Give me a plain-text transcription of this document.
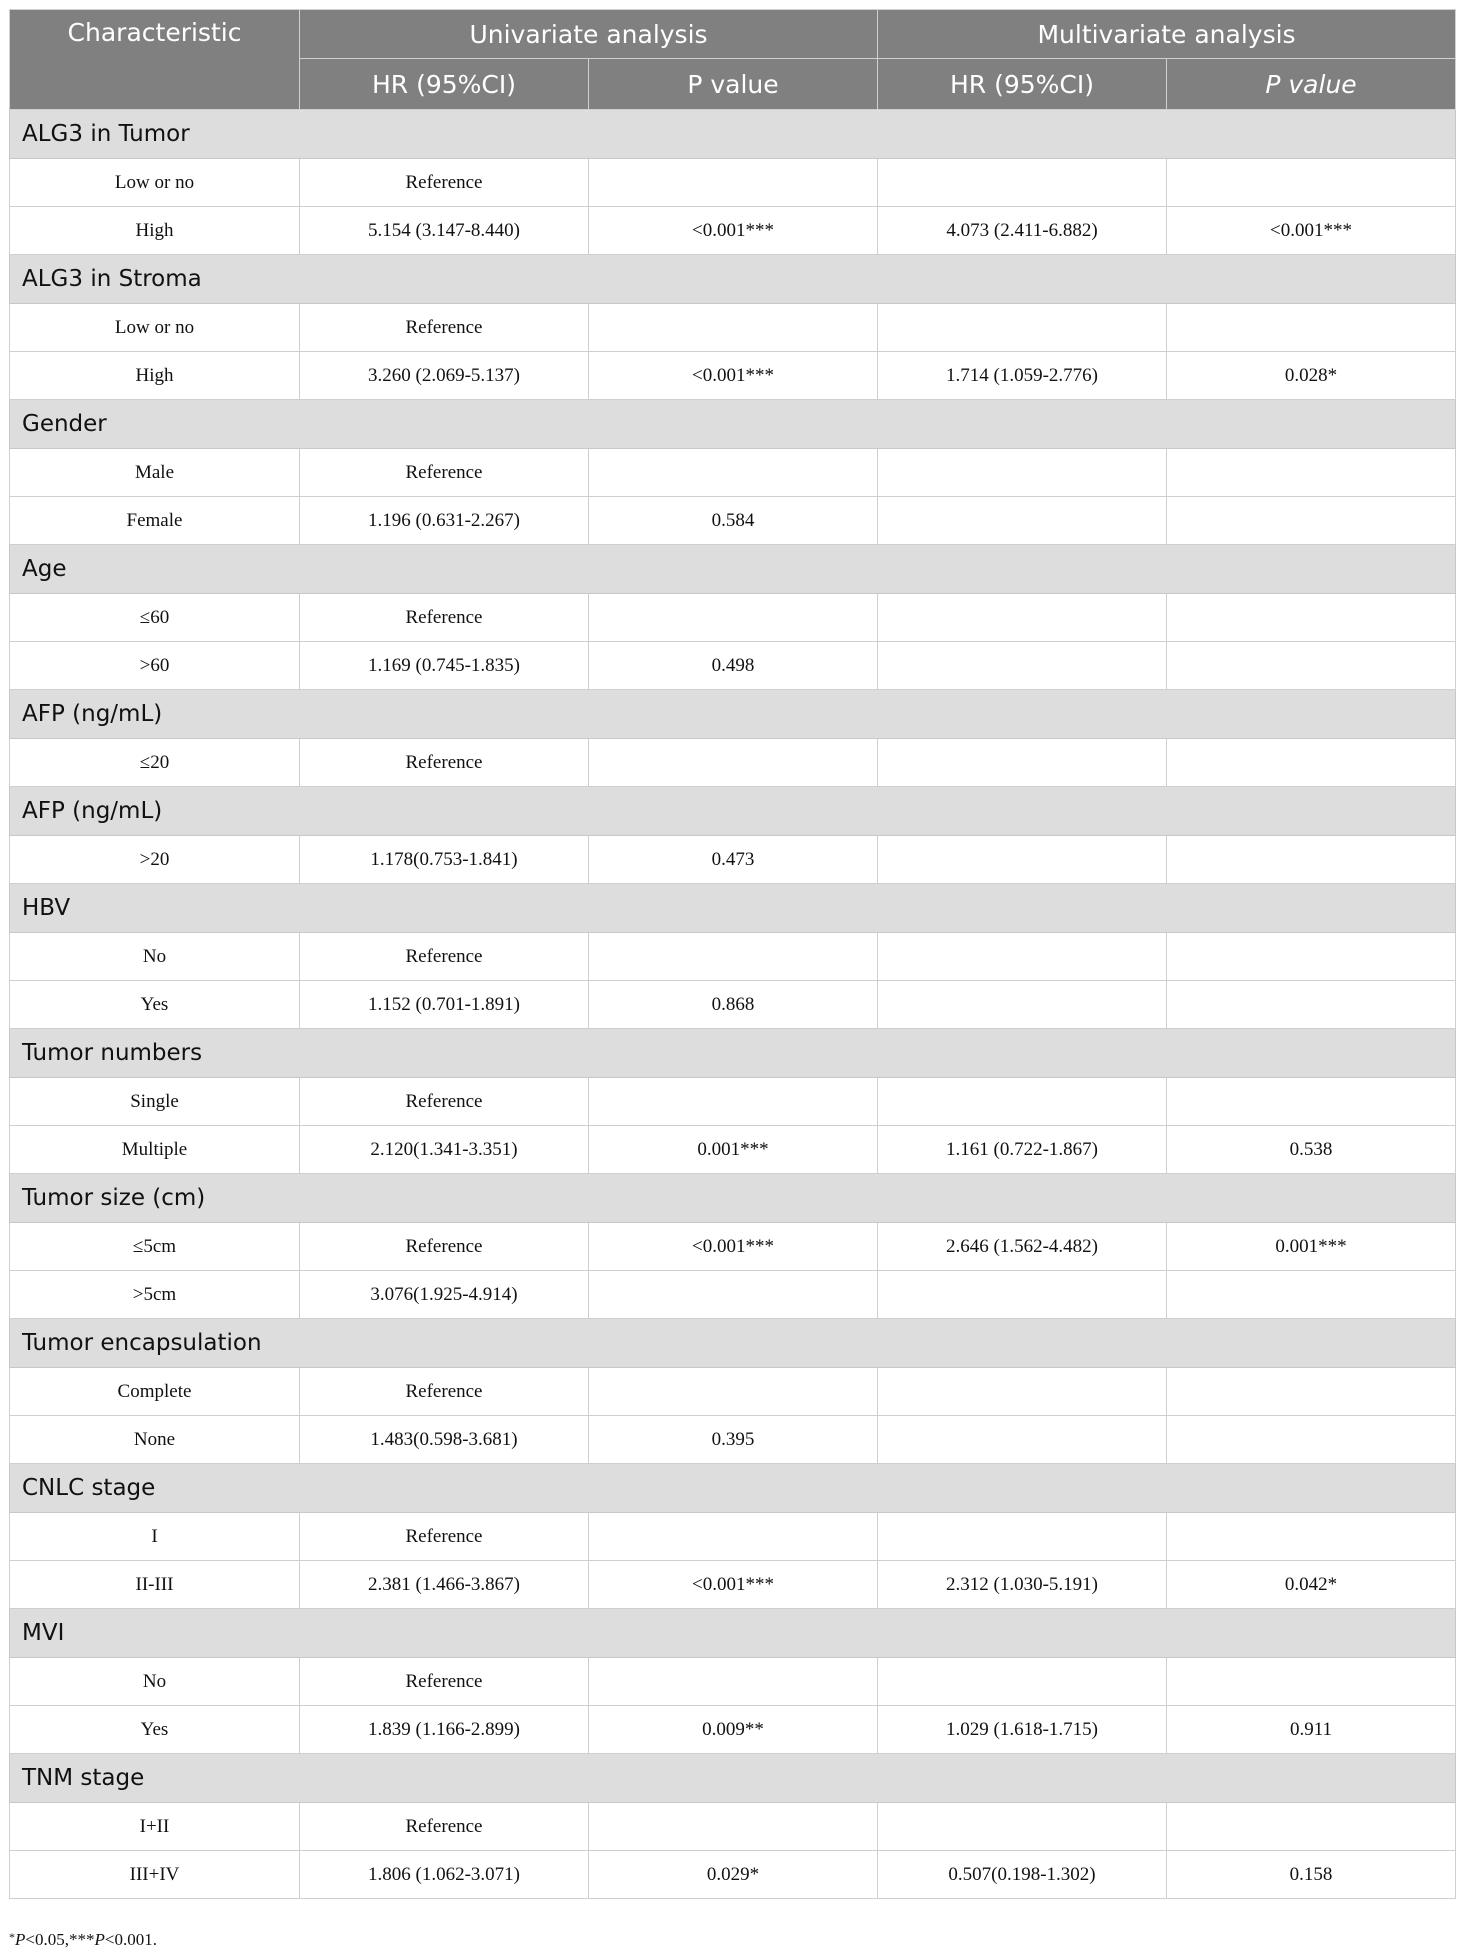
Characteristic	Univariate analysis		Multivariate analysis	
	HR (95%CI)	P value	HR (95%CI)	P value
ALG3 in Tumor				
Low or no	Reference			
High	5.154 (3.147-8.440)	<0.001***	4.073 (2.411-6.882)	<0.001***
ALG3 in Stroma				
Low or no	Reference			
High	3.260 (2.069-5.137)	<0.001***	1.714 (1.059-2.776)	0.028*
Gender				
Male	Reference			
Female	1.196 (0.631-2.267)	0.584		
Age				
≤60	Reference			
>60	1.169 (0.745-1.835)	0.498		
AFP (ng/mL)				
≤20	Reference			
AFP (ng/mL)				
>20	1.178(0.753-1.841)	0.473		
HBV				
No	Reference			
Yes	1.152 (0.701-1.891)	0.868		
Tumor numbers				
Single	Reference			
Multiple	2.120(1.341-3.351)	0.001***	1.161 (0.722-1.867)	0.538
Tumor size (cm)				
≤5cm	Reference	<0.001***	2.646 (1.562-4.482)	0.001***
>5cm	3.076(1.925-4.914)			
Tumor encapsulation				
Complete	Reference			
None	1.483(0.598-3.681)	0.395		
CNLC stage				
I	Reference			
II-III	2.381 (1.466-3.867)	<0.001***	2.312 (1.030-5.191)	0.042*
MVI				
No	Reference			
Yes	1.839 (1.166-2.899)	0.009**	1.029 (1.618-1.715)	0.911
TNM stage				
I+II	Reference			
III+IV	1.806 (1.062-3.071)	0.029*	0.507(0.198-1.302)	0.158
*P<0.05,***P<0.001.
